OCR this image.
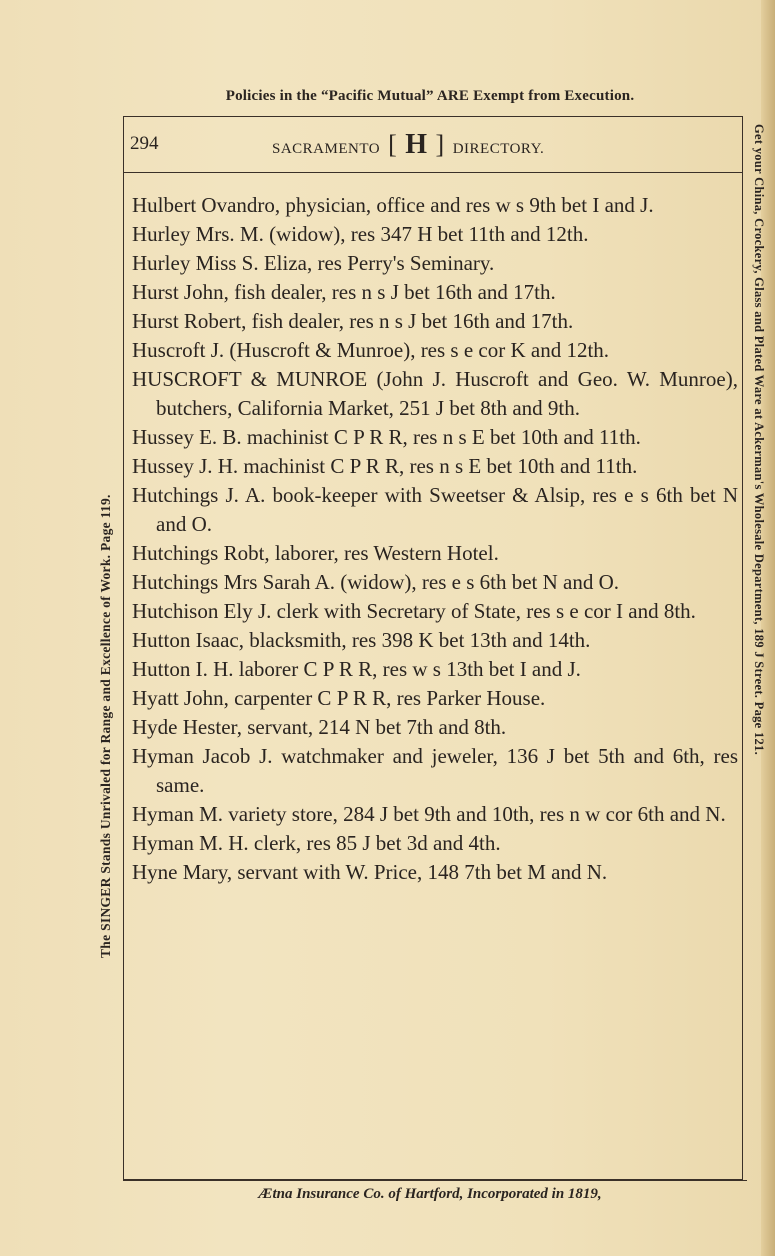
Policies in the “Pacific Mutual” ARE Exempt from Execution.
The SINGER Stands Unrivaled for Range and Excellence of Work. Page 119.	Get your China, Crockery, Glass and Plated Ware at Ackerman's Wholesale Department, 189 J Street. Page 121.
294	SACRAMENTO [ H ] DIRECTORY.
Hulbert Ovandro, physician, office and res w s 9th bet I and J.
Hurley Mrs. M. (widow), res 347 H bet 11th and 12th.
Hurley Miss S. Eliza, res Perry's Seminary.
Hurst John, fish dealer, res n s J bet 16th and 17th.
Hurst Robert, fish dealer, res n s J bet 16th and 17th.
Huscroft J. (Huscroft & Munroe), res s e cor K and 12th.
HUSCROFT & MUNROE (John J. Huscroft and Geo. W. Munroe), butchers, California Market, 251 J bet 8th and 9th.
Hussey E. B. machinist C P R R, res n s E bet 10th and 11th.
Hussey J. H. machinist C P R R, res n s E bet 10th and 11th.
Hutchings J. A. book-keeper with Sweetser & Alsip, res e s 6th bet N and O.
Hutchings Robt, laborer, res Western Hotel.
Hutchings Mrs Sarah A. (widow), res e s 6th bet N and O.
Hutchison Ely J. clerk with Secretary of State, res s e cor I and 8th.
Hutton Isaac, blacksmith, res 398 K bet 13th and 14th.
Hutton I. H. laborer C P R R, res w s 13th bet I and J.
Hyatt John, carpenter C P R R, res Parker House.
Hyde Hester, servant, 214 N bet 7th and 8th.
Hyman Jacob J. watchmaker and jeweler, 136 J bet 5th and 6th, res same.
Hyman M. variety store, 284 J bet 9th and 10th, res n w cor 6th and N.
Hyman M. H. clerk, res 85 J bet 3d and 4th.
Hyne Mary, servant with W. Price, 148 7th bet M and N.
Ætna Insurance Co. of Hartford, Incorporated in 1819,
